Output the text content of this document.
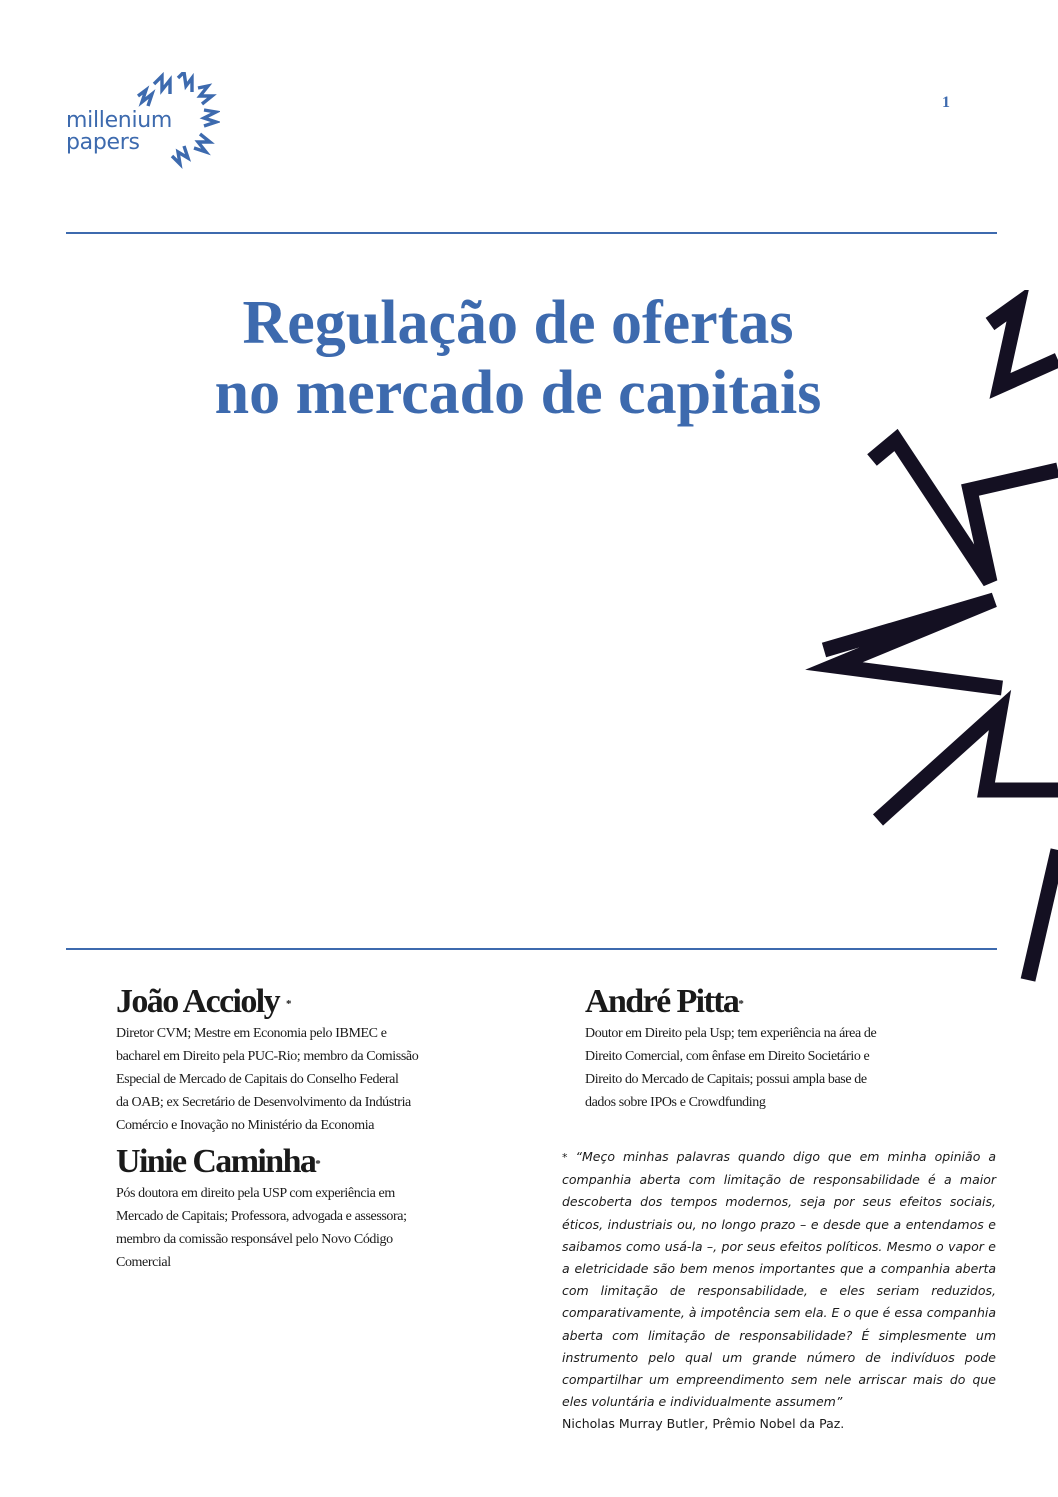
millenium
papers
1
Regulação de ofertas
no mercado de capitais
João Accioly *

Diretor CVM; Mestre em Economia pelo IBMEC e
bacharel em Direito pela PUC-Rio; membro da Comissão
Especial de Mercado de Capitais do Conselho Federal
da OAB; ex Secretário de Desenvolvimento da Indústria
Comércio e Inovação no Ministério da Economia

Uinie Caminha*

Pós doutora em direito pela USP com experiência em
Mercado de Capitais; Professora, advogada e assessora;
membro da comissão responsável pelo Novo Código
Comercial

André Pitta*

Doutor em Direito pela Usp; tem experiência na área de
Direito Comercial, com ênfase em Direito Societário e
Direito do Mercado de Capitais; possui ampla base de
dados sobre IPOs e Crowdfunding

* “Meço minhas palavras quando digo que em minha opinião a companhia aberta com limitação de responsabilidade é a maior descoberta dos tempos modernos, seja por seus efeitos sociais, éticos, industriais ou, no longo prazo – e desde que a entendamos e saibamos como usá-la –, por seus efeitos políticos. Mesmo o vapor e a eletricidade são bem menos importantes que a companhia aberta com limitação de responsabilidade, e eles seriam reduzidos, comparativamente, à impotência sem ela. E o que é essa companhia aberta com limitação de responsabilidade? É simplesmente um instrumento pelo qual um grande número de indivíduos pode compartilhar um empreendimento sem nele arriscar mais do que eles voluntária e individualmente assumem”
Nicholas Murray Butler, Prêmio Nobel da Paz.
